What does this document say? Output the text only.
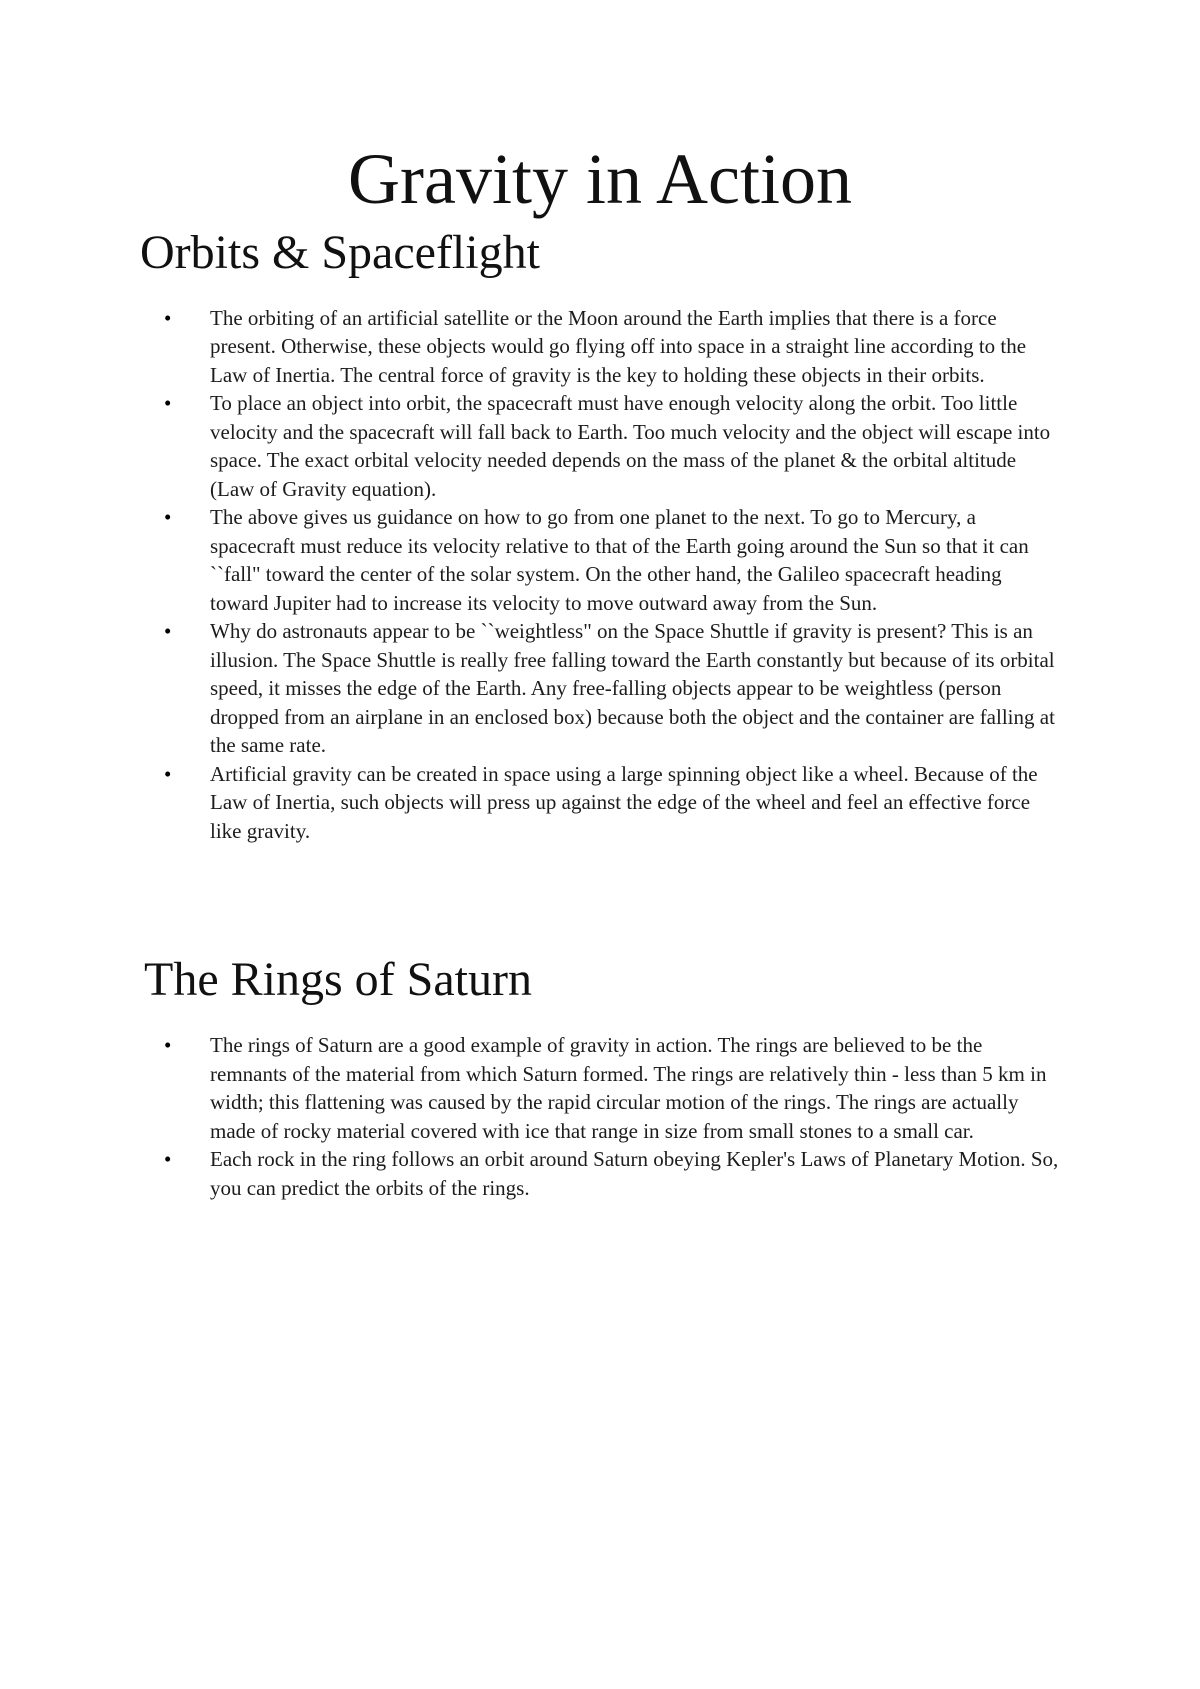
Gravity in Action
Orbits & Spaceflight
• The orbiting of an artificial satellite or the Moon around the Earth implies that there is a force present. Otherwise, these objects would go flying off into space in a straight line according to the Law of Inertia. The central force of gravity is the key to holding these objects in their orbits.
• To place an object into orbit, the spacecraft must have enough velocity along the orbit. Too little velocity and the spacecraft will fall back to Earth. Too much velocity and the object will escape into space. The exact orbital velocity needed depends on the mass of the planet & the orbital altitude (Law of Gravity equation).
• The above gives us guidance on how to go from one planet to the next. To go to Mercury, a spacecraft must reduce its velocity relative to that of the Earth going around the Sun so that it can ``fall" toward the center of the solar system. On the other hand, the Galileo spacecraft heading toward Jupiter had to increase its velocity to move outward away from the Sun.
• Why do astronauts appear to be ``weightless" on the Space Shuttle if gravity is present? This is an illusion. The Space Shuttle is really free falling toward the Earth constantly but because of its orbital speed, it misses the edge of the Earth. Any free-falling objects appear to be weightless (person dropped from an airplane in an enclosed box) because both the object and the container are falling at the same rate.
• Artificial gravity can be created in space using a large spinning object like a wheel. Because of the Law of Inertia, such objects will press up against the edge of the wheel and feel an effective force like gravity.
The Rings of Saturn
• The rings of Saturn are a good example of gravity in action. The rings are believed to be the remnants of the material from which Saturn formed. The rings are relatively thin - less than 5 km in width; this flattening was caused by the rapid circular motion of the rings. The rings are actually made of rocky material covered with ice that range in size from small stones to a small car.
• Each rock in the ring follows an orbit around Saturn obeying Kepler's Laws of Planetary Motion. So, you can predict the orbits of the rings.
